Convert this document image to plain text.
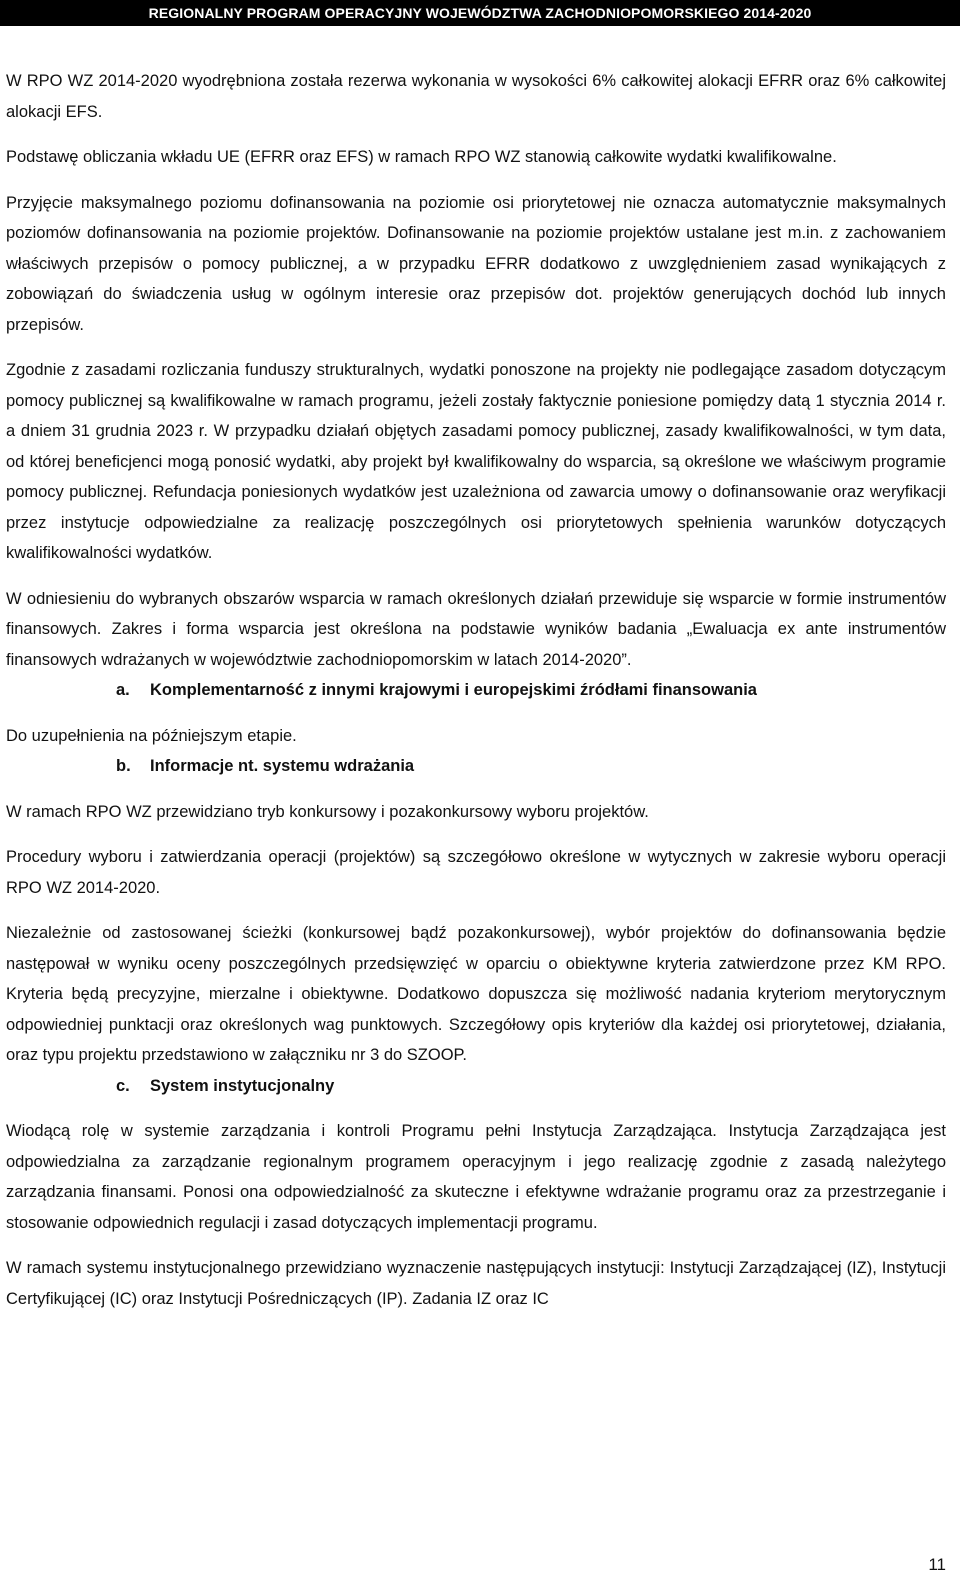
REGIONALNY PROGRAM OPERACYJNY WOJEWÓDZTWA ZACHODNIOPOMORSKIEGO 2014-2020

W RPO WZ 2014-2020 wyodrębniona została rezerwa wykonania w wysokości 6% całkowitej alokacji EFRR oraz 6% całkowitej alokacji EFS.

Podstawę obliczania wkładu UE (EFRR oraz EFS) w ramach RPO WZ stanowią całkowite wydatki kwalifikowalne.

Przyjęcie maksymalnego poziomu dofinansowania na poziomie osi priorytetowej nie oznacza automatycznie maksymalnych poziomów dofinansowania na poziomie projektów. Dofinansowanie na poziomie projektów ustalane jest m.in. z zachowaniem właściwych przepisów o pomocy publicznej, a w przypadku EFRR dodatkowo z uwzględnieniem zasad wynikających z zobowiązań do świadczenia usług w ogólnym interesie oraz przepisów dot. projektów generujących dochód lub innych przepisów.

Zgodnie z zasadami rozliczania funduszy strukturalnych, wydatki ponoszone na projekty nie podlegające zasadom dotyczącym pomocy publicznej są kwalifikowalne w ramach programu, jeżeli zostały faktycznie poniesione pomiędzy datą 1 stycznia 2014 r. a dniem 31 grudnia 2023 r. W przypadku działań objętych zasadami pomocy publicznej, zasady kwalifikowalności, w tym data, od której beneficjenci mogą ponosić wydatki, aby projekt był kwalifikowalny do wsparcia, są określone we właściwym programie pomocy publicznej. Refundacja poniesionych wydatków jest uzależniona od zawarcia umowy o dofinansowanie oraz weryfikacji przez instytucje odpowiedzialne za realizację poszczególnych osi priorytetowych spełnienia warunków dotyczących kwalifikowalności wydatków.

W odniesieniu do wybranych obszarów wsparcia w ramach określonych działań przewiduje się wsparcie w formie instrumentów finansowych. Zakres i forma wsparcia jest określona na podstawie wyników badania „Ewaluacja ex ante instrumentów finansowych wdrażanych w województwie zachodniopomorskim w latach 2014-2020”.

a. Komplementarność z innymi krajowymi i europejskimi źródłami finansowania

Do uzupełnienia na późniejszym etapie.

b. Informacje nt. systemu wdrażania

W ramach RPO WZ przewidziano tryb konkursowy i pozakonkursowy wyboru projektów.

Procedury wyboru i zatwierdzania operacji (projektów) są szczegółowo określone w wytycznych w zakresie wyboru operacji RPO WZ 2014-2020.

Niezależnie od zastosowanej ścieżki (konkursowej bądź pozakonkursowej), wybór projektów do dofinansowania będzie następował w wyniku oceny poszczególnych przedsięwzięć w oparciu o obiektywne kryteria zatwierdzone przez KM RPO. Kryteria będą precyzyjne, mierzalne i obiektywne. Dodatkowo dopuszcza się możliwość nadania kryteriom merytorycznym odpowiedniej punktacji oraz określonych wag punktowych. Szczegółowy opis kryteriów dla każdej osi priorytetowej, działania, oraz typu projektu przedstawiono w załączniku nr 3 do SZOOP.

c. System instytucjonalny

Wiodącą rolę w systemie zarządzania i kontroli Programu pełni Instytucja Zarządzająca. Instytucja Zarządzająca jest odpowiedzialna za zarządzanie regionalnym programem operacyjnym i jego realizację zgodnie z zasadą należytego zarządzania finansami. Ponosi ona odpowiedzialność za skuteczne i efektywne wdrażanie programu oraz za przestrzeganie i stosowanie odpowiednich regulacji i zasad dotyczących implementacji programu.

W ramach systemu instytucjonalnego przewidziano wyznaczenie następujących instytucji: Instytucji Zarządzającej (IZ), Instytucji Certyfikującej (IC) oraz Instytucji Pośredniczących (IP). Zadania IZ oraz IC

11
